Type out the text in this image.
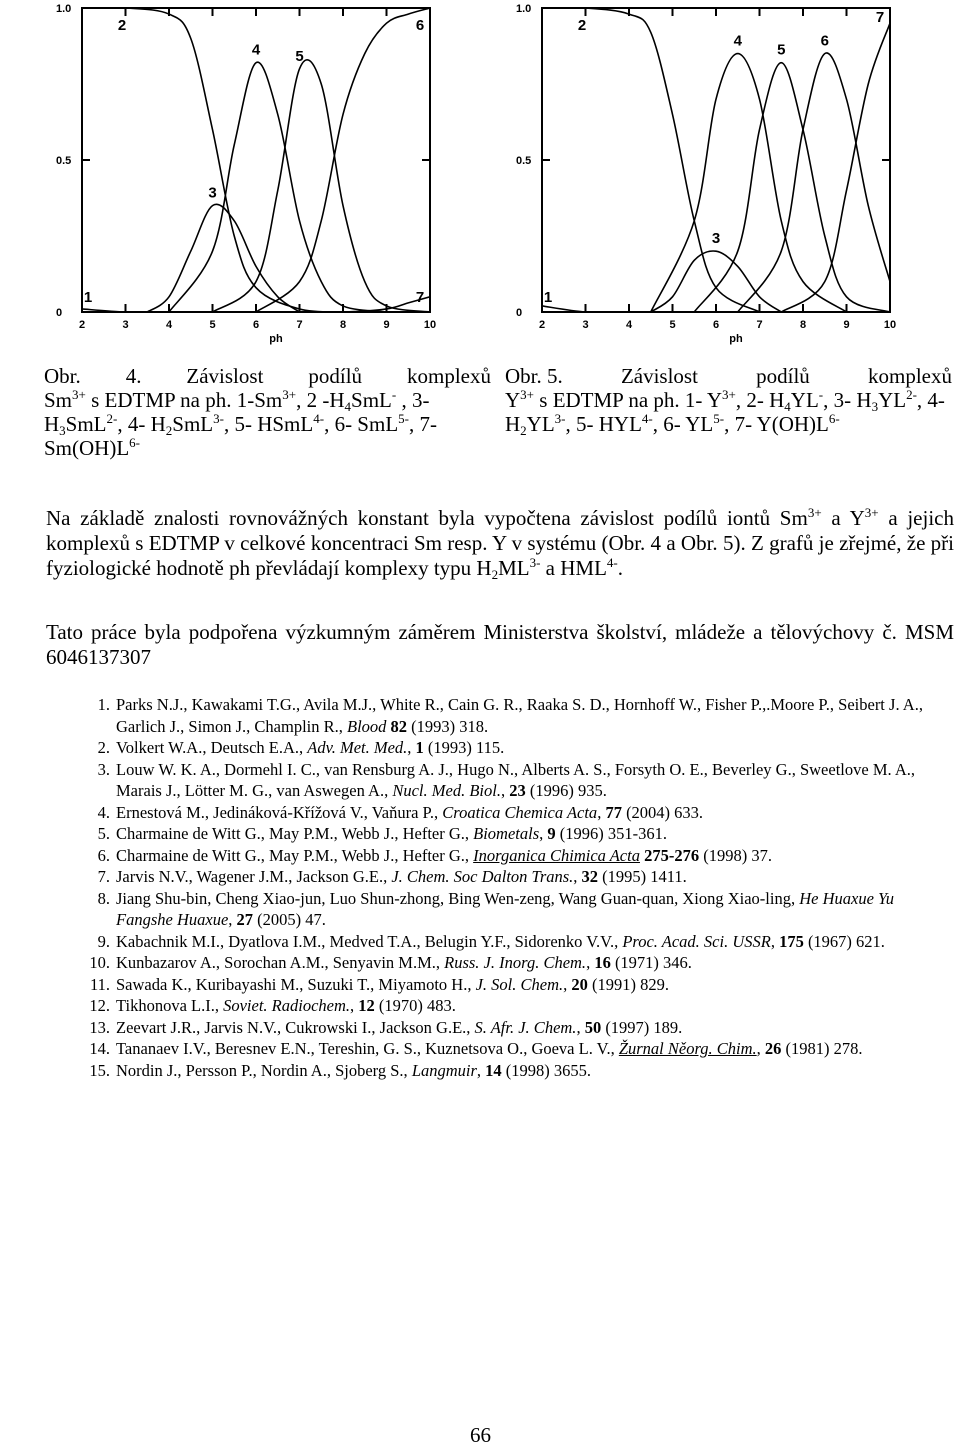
2	3	4	5	6	7	8	9	10
0
0.5
1.0
ph
1
2
3
4 5
6
7
2	3	4	5	6	7	8	9	10
0
0.5
1.0
ph
1
2
3
4
5
6
7
Obr. 4. Závislost podílů komplexů
$Sm^{3+}$ s EDTMP na ph. $1-Sm^{3+}$, 2 $-H_4SmL^-$ , 3- $H_3SmL^{2-}$, 4- $H_2SmL^{3-}$, 5- HSmL$^{4-}$, 6- SmL$^{5-}$, 7- $Sm(OH)L^{6-}$
Obr. 5.	Závislost	podílů	komplexů
$Y^{3+}$ s EDTMP na ph. 1- $Y^{3+}$, 2- $H_4YL^-$, 3- $H_3YL^{2-}$, 4- $H_2YL^{3-}$, 5- $HYL^{4-}$, 6- $YL^{5-}$, 7- $Y(OH)L^{6-}$
Na základě znalosti rovnovážných konstant byla vypočtena závislost podílů iontů $Sm^{3+}$ a $Y^{3+}$ a jejich komplexů s EDTMP v celkové koncentraci Sm resp. Y v systému (Obr. 4 a Obr. 5). Z grafů je zřejmé, že při fyziologické hodnotě ph převládají komplexy typu $H_2ML^{3-}$ a $HML^{4-}$.
Tato práce byla podpořena výzkumným záměrem Ministerstva školství, mládeže a tělovýchovy č. MSM 6046137307
1. Parks N.J., Kawakami T.G., Avila M.J., White R., Cain G. R., Raaka S. D., Hornhoff W., Fisher P.,.Moore P., Seibert J. A., Garlich J., Simon J., Champlin R., Blood 82 (1993) 318.
2. Volkert W.A., Deutsch E.A., Adv. Met. Med., 1 (1993) 115.
3. Louw W. K. A., Dormehl I. C., van Rensburg A. J., Hugo N., Alberts A. S., Forsyth O. E., Beverley G., Sweetlove M. A., Marais J., Lötter M. G., van Aswegen A., Nucl. Med. Biol., 23 (1996) 935.
4. Ernestová M., Jedináková-Křížová V., Vaňura P., Croatica Chemica Acta, 77 (2004) 633.
5. Charmaine de Witt G., May P.M., Webb J., Hefter G., Biometals, 9 (1996) 351-361.
6. Charmaine de Witt G., May P.M., Webb J., Hefter G., Inorganica Chimica Acta 275-276 (1998) 37.
7. Jarvis N.V., Wagener J.M., Jackson G.E., J. Chem. Soc Dalton Trans., 32 (1995) 1411.
8. Jiang Shu-bin, Cheng Xiao-jun, Luo Shun-zhong, Bing Wen-zeng, Wang Guan-quan, Xiong Xiao-ling, He Huaxue Yu Fangshe Huaxue, 27 (2005) 47.
9. Kabachnik M.I., Dyatlova I.M., Medved T.A., Belugin Y.F., Sidorenko V.V., Proc. Acad. Sci. USSR, 175 (1967) 621.
10. Kunbazarov A., Sorochan A.M., Senyavin M.M., Russ. J. Inorg. Chem., 16 (1971) 346.
11. Sawada K., Kuribayashi M., Suzuki T., Miyamoto H., J. Sol. Chem., 20 (1991) 829.
12. Tikhonova L.I., Soviet. Radiochem., 12 (1970) 483.
13. Zeevart J.R., Jarvis N.V., Cukrowski I., Jackson G.E., S. Afr. J. Chem., 50 (1997) 189.
14. Tananaev I.V., Beresnev E.N., Tereshin, G. S., Kuznetsova O., Goeva L. V., Žurnal Něorg. Chim., 26 (1981) 278.
15. Nordin J., Persson P., Nordin A., Sjoberg S., Langmuir, 14 (1998) 3655.
66
